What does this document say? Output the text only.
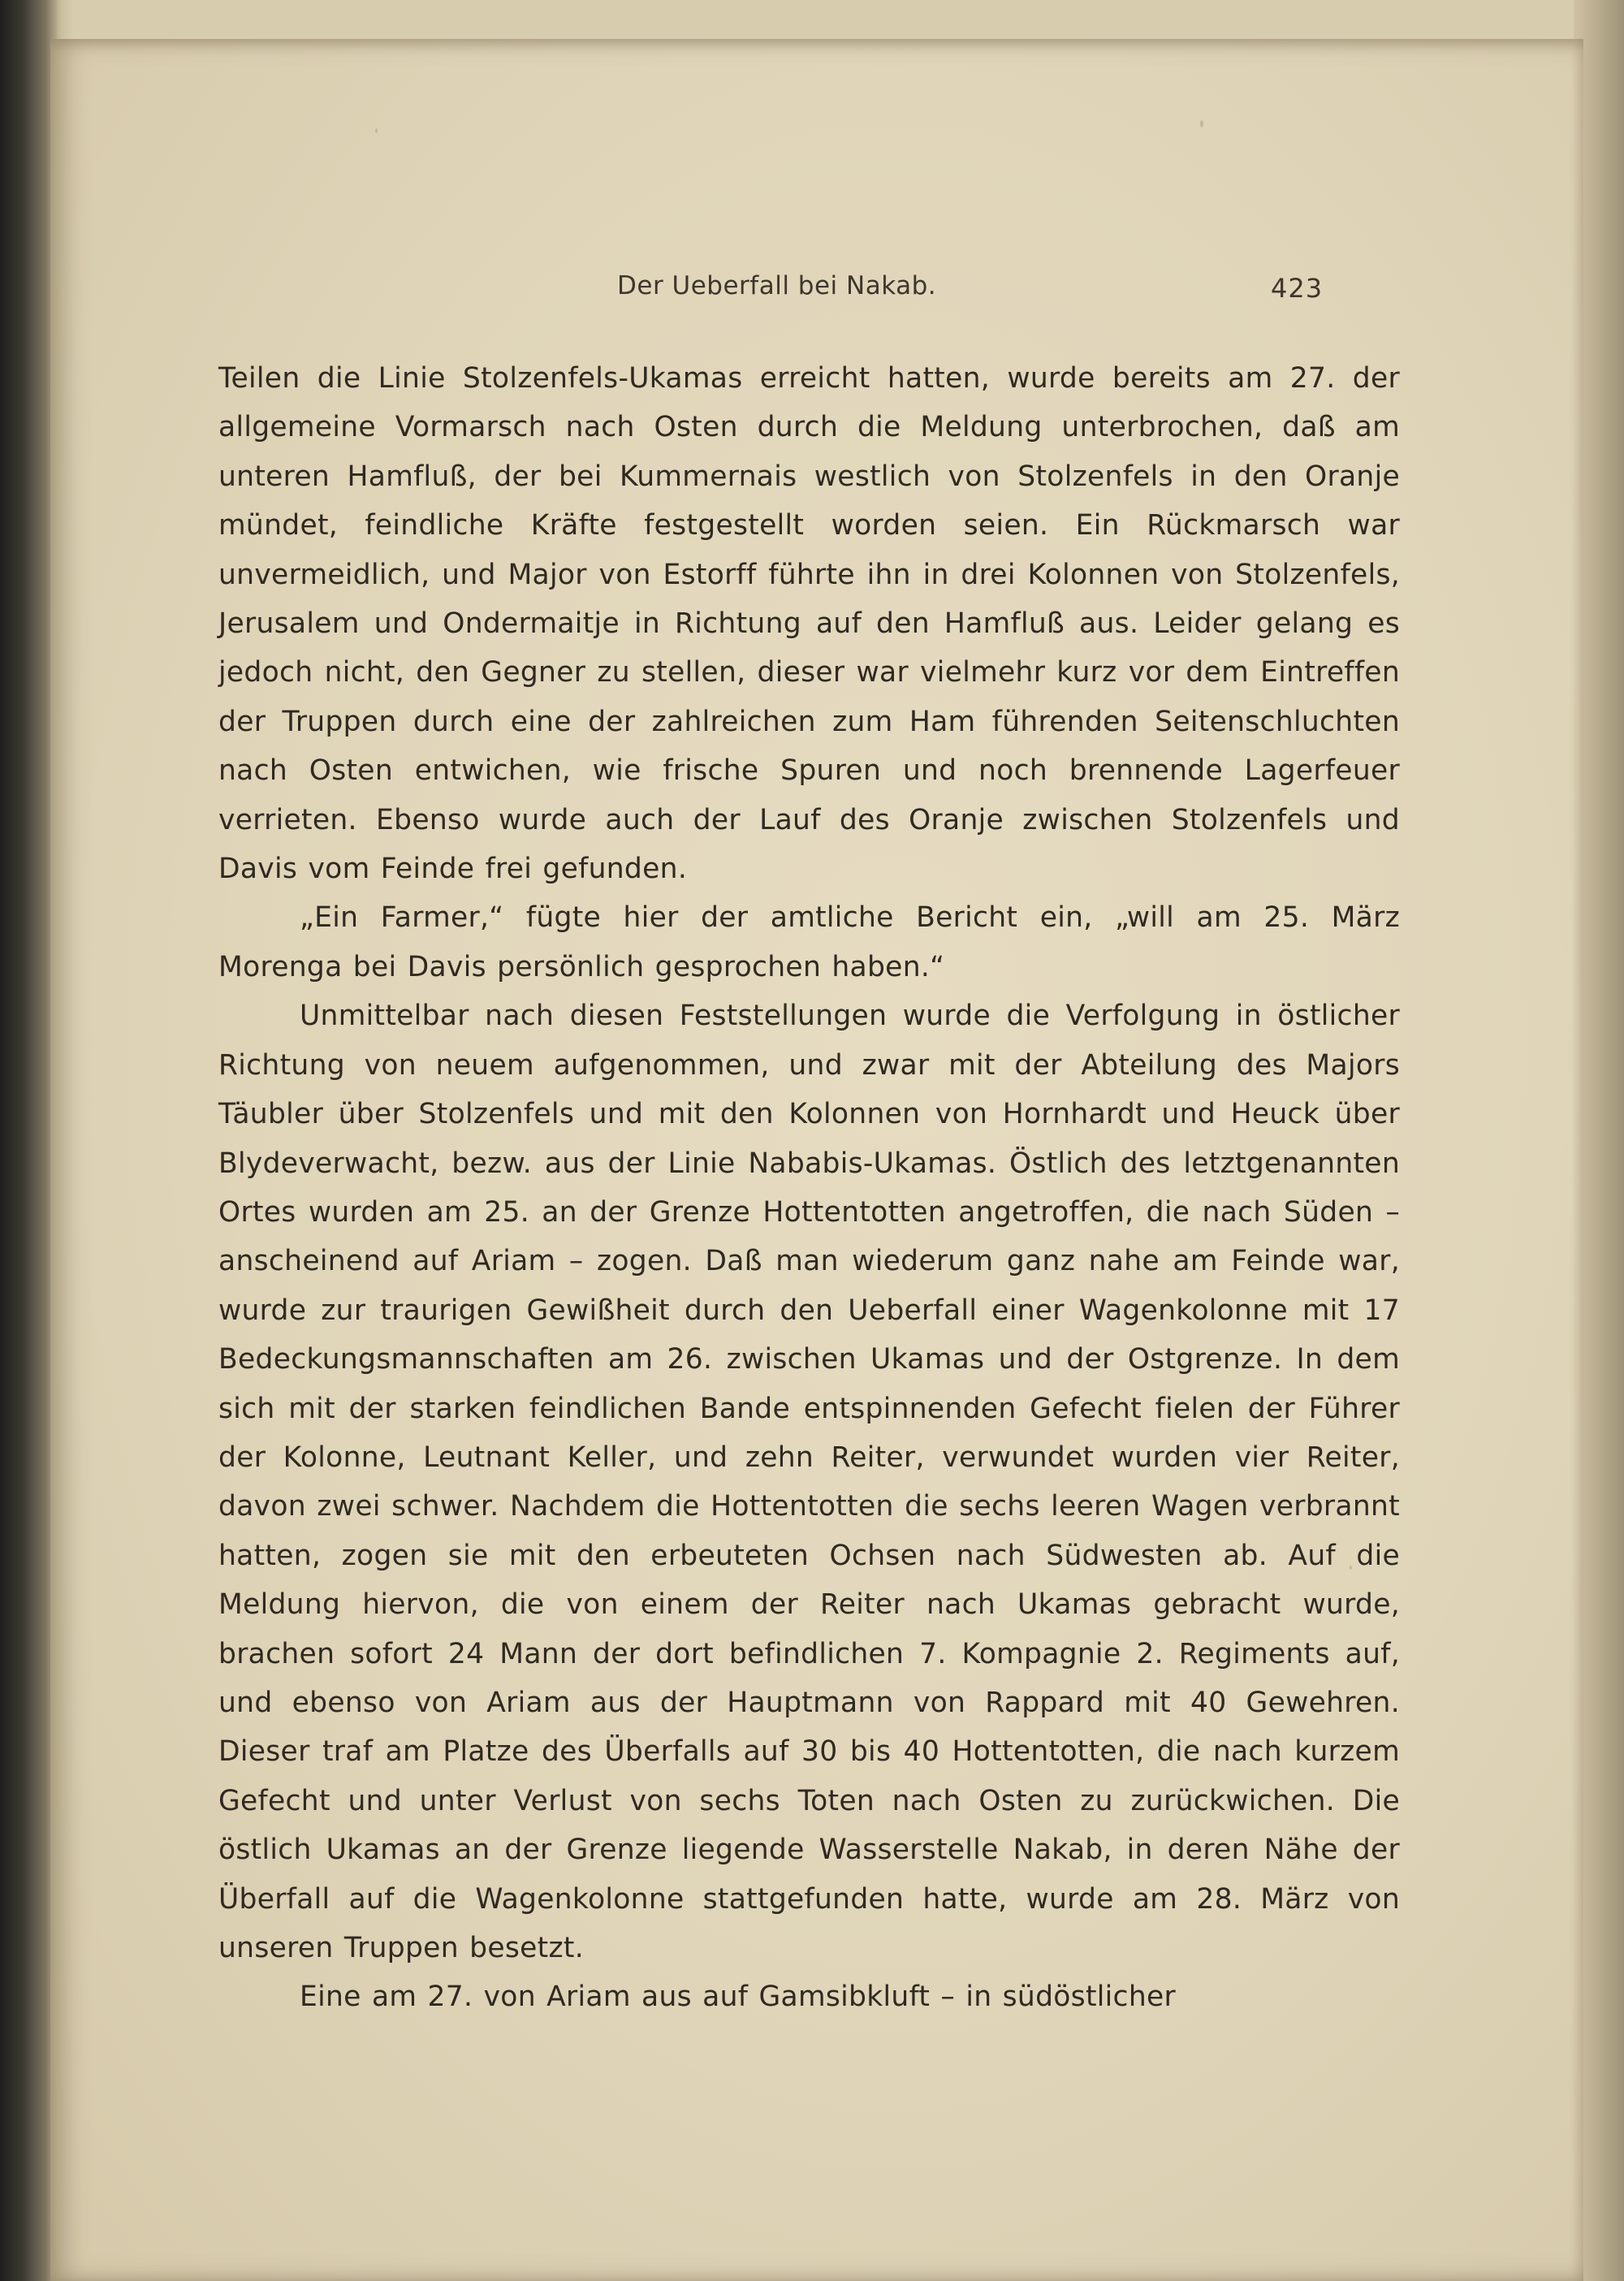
Der Ueberfall bei Nakab.	423

Teilen die Linie Stolzenfels-Ukamas erreicht hatten, wurde bereits am 27. der allgemeine Vormarsch nach Osten durch die Meldung unterbrochen, daß am unteren Hamfluß, der bei Kummernais westlich von Stolzenfels in den Oranje mündet, feindliche Kräfte festgestellt worden seien. Ein Rückmarsch war unvermeidlich, und Major von Estorff führte ihn in drei Kolonnen von Stolzenfels, Jerusalem und Ondermaitje in Richtung auf den Hamfluß aus. Leider gelang es jedoch nicht, den Gegner zu stellen, dieser war vielmehr kurz vor dem Eintreffen der Truppen durch eine der zahlreichen zum Ham führenden Seitenschluchten nach Osten entwichen, wie frische Spuren und noch brennende Lagerfeuer verrieten. Ebenso wurde auch der Lauf des Oranje zwischen Stolzenfels und Davis vom Feinde frei gefunden.

„Ein Farmer,“ fügte hier der amtliche Bericht ein, „will am 25. März Morenga bei Davis persönlich gesprochen haben.“

Unmittelbar nach diesen Feststellungen wurde die Verfolgung in östlicher Richtung von neuem aufgenommen, und zwar mit der Abteilung des Majors Täubler über Stolzenfels und mit den Kolonnen von Hornhardt und Heuck über Blydeverwacht, bezw. aus der Linie Nababis-Ukamas. Östlich des letztgenannten Ortes wurden am 25. an der Grenze Hottentotten angetroffen, die nach Süden – anscheinend auf Ariam – zogen. Daß man wiederum ganz nahe am Feinde war, wurde zur traurigen Gewißheit durch den Ueberfall einer Wagenkolonne mit 17 Bedeckungsmannschaften am 26. zwischen Ukamas und der Ostgrenze. In dem sich mit der starken feindlichen Bande entspinnenden Gefecht fielen der Führer der Kolonne, Leutnant Keller, und zehn Reiter, verwundet wurden vier Reiter, davon zwei schwer. Nachdem die Hottentotten die sechs leeren Wagen verbrannt hatten, zogen sie mit den erbeuteten Ochsen nach Südwesten ab. Auf die Meldung hiervon, die von einem der Reiter nach Ukamas gebracht wurde, brachen sofort 24 Mann der dort befindlichen 7. Kompagnie 2. Regiments auf, und ebenso von Ariam aus der Hauptmann von Rappard mit 40 Gewehren. Dieser traf am Platze des Überfalls auf 30 bis 40 Hottentotten, die nach kurzem Gefecht und unter Verlust von sechs Toten nach Osten zu zurückwichen. Die östlich Ukamas an der Grenze liegende Wasserstelle Nakab, in deren Nähe der Überfall auf die Wagenkolonne stattgefunden hatte, wurde am 28. März von unseren Truppen besetzt.

Eine am 27. von Ariam aus auf Gamsibkluft – in südöstlicher
